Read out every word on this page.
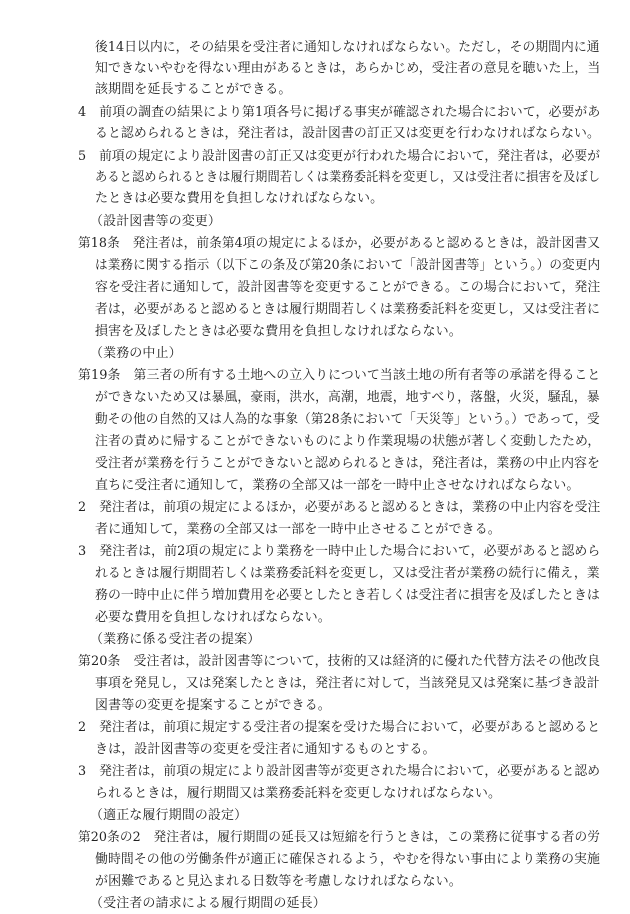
後14日以内に，その結果を受注者に通知しなければならない。ただし，その期間内に通
知できないやむを得ない理由があるときは，あらかじめ，受注者の意見を聴いた上，当
該期間を延長することができる。
4　前項の調査の結果により第1項各号に掲げる事実が確認された場合において，必要があ
ると認められるときは，発注者は，設計図書の訂正又は変更を行わなければならない。
5　前項の規定により設計図書の訂正又は変更が行われた場合において，発注者は，必要が
あると認められるときは履行期間若しくは業務委託料を変更し，又は受注者に損害を及ぼし
たときは必要な費用を負担しなければならない。
（設計図書等の変更）
第18条　発注者は，前条第4項の規定によるほか，必要があると認めるときは，設計図書又
は業務に関する指示（以下この条及び第20条において「設計図書等」という。）の変更内
容を受注者に通知して，設計図書等を変更することができる。この場合において，発注
者は，必要があると認めるときは履行期間若しくは業務委託料を変更し，又は受注者に
損害を及ぼしたときは必要な費用を負担しなければならない。
（業務の中止）
第19条　第三者の所有する土地への立入りについて当該土地の所有者等の承諾を得ること
ができないため又は暴風，豪雨，洪水，高潮，地震，地すべり，落盤，火災，騒乱，暴
動その他の自然的又は人為的な事象（第28条において「天災等」という。）であって，受
注者の責めに帰することができないものにより作業現場の状態が著しく変動したため，
受注者が業務を行うことができないと認められるときは，発注者は，業務の中止内容を
直ちに受注者に通知して，業務の全部又は一部を一時中止させなければならない。
2　発注者は，前項の規定によるほか，必要があると認めるときは，業務の中止内容を受注
者に通知して，業務の全部又は一部を一時中止させることができる。
3　発注者は，前2項の規定により業務を一時中止した場合において，必要があると認めら
れるときは履行期間若しくは業務委託料を変更し，又は受注者が業務の続行に備え，業
務の一時中止に伴う増加費用を必要としたとき若しくは受注者に損害を及ぼしたときは
必要な費用を負担しなければならない。
（業務に係る受注者の提案）
第20条　受注者は，設計図書等について，技術的又は経済的に優れた代替方法その他改良
事項を発見し，又は発案したときは，発注者に対して，当該発見又は発案に基づき設計
図書等の変更を提案することができる。
2　発注者は，前項に規定する受注者の提案を受けた場合において，必要があると認めると
きは，設計図書等の変更を受注者に通知するものとする。
3　発注者は，前項の規定により設計図書等が変更された場合において，必要があると認め
られるときは，履行期間又は業務委託料を変更しなければならない。
（適正な履行期間の設定）
第20条の2　発注者は，履行期間の延長又は短縮を行うときは，この業務に従事する者の労
働時間その他の労働条件が適正に確保されるよう，やむを得ない事由により業務の実施
が困難であると見込まれる日数等を考慮しなければならない。
（受注者の請求による履行期間の延長）
